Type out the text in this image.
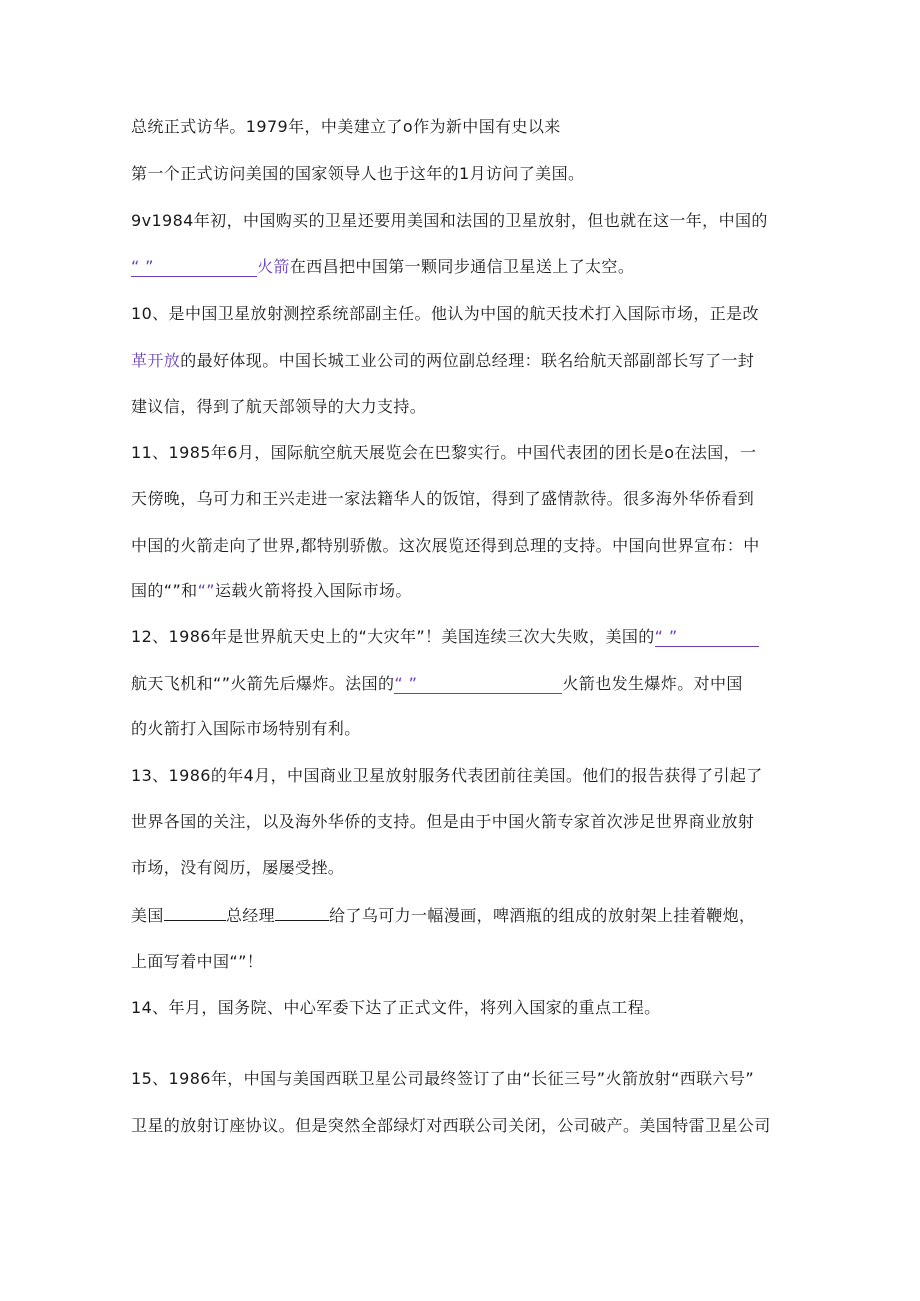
总统正式访华。1979年，中美建立了o作为新中国有史以来
第一个正式访问美国的国家领导人也于这年的1月访问了美国。
9v1984年初，中国购买的卫星还要用美国和法国的卫星放射，但也就在这一年，中国的
“ ”	火箭在西昌把中国第一颗同步通信卫星送上了太空。
10、是中国卫星放射测控系统部副主任。他认为中国的航天技术打入国际市场，正是改
革开放的最好体现。中国长城工业公司的两位副总经理：联名给航天部副部长写了一封
建议信，得到了航天部领导的大力支持。
11、1985年6月，国际航空航天展览会在巴黎实行。中国代表团的团长是o在法国，一
天傍晚，乌可力和王兴走进一家法籍华人的饭馆，得到了盛情款待。很多海外华侨看到
中国的火箭走向了世界,都特别骄傲。这次展览还得到总理的支持。中国向世界宣布：中
国的“”和“”运载火箭将投入国际市场。
12、1986年是世界航天史上的“大灾年”！美国连续三次大失败，美国的“ ”
航天飞机和“”火箭先后爆炸。法国的“ ”	火箭也发生爆炸。对中国
的火箭打入国际市场特别有利。
13、1986的年4月，中国商业卫星放射服务代表团前往美国。他们的报告获得了引起了
世界各国的关注，以及海外华侨的支持。但是由于中国火箭专家首次涉足世界商业放射
市场，没有阅历，屡屡受挫。
美国	总经理	给了乌可力一幅漫画，啤酒瓶的组成的放射架上挂着鞭炮，
上面写着中国“”！
14、年月，国务院、中心军委下达了正式文件，将列入国家的重点工程。
15、1986年，中国与美国西联卫星公司最终签订了由“长征三号”火箭放射“西联六号”
卫星的放射订座协议。但是突然全部绿灯对西联公司关闭，公司破产。美国特雷卫星公司
